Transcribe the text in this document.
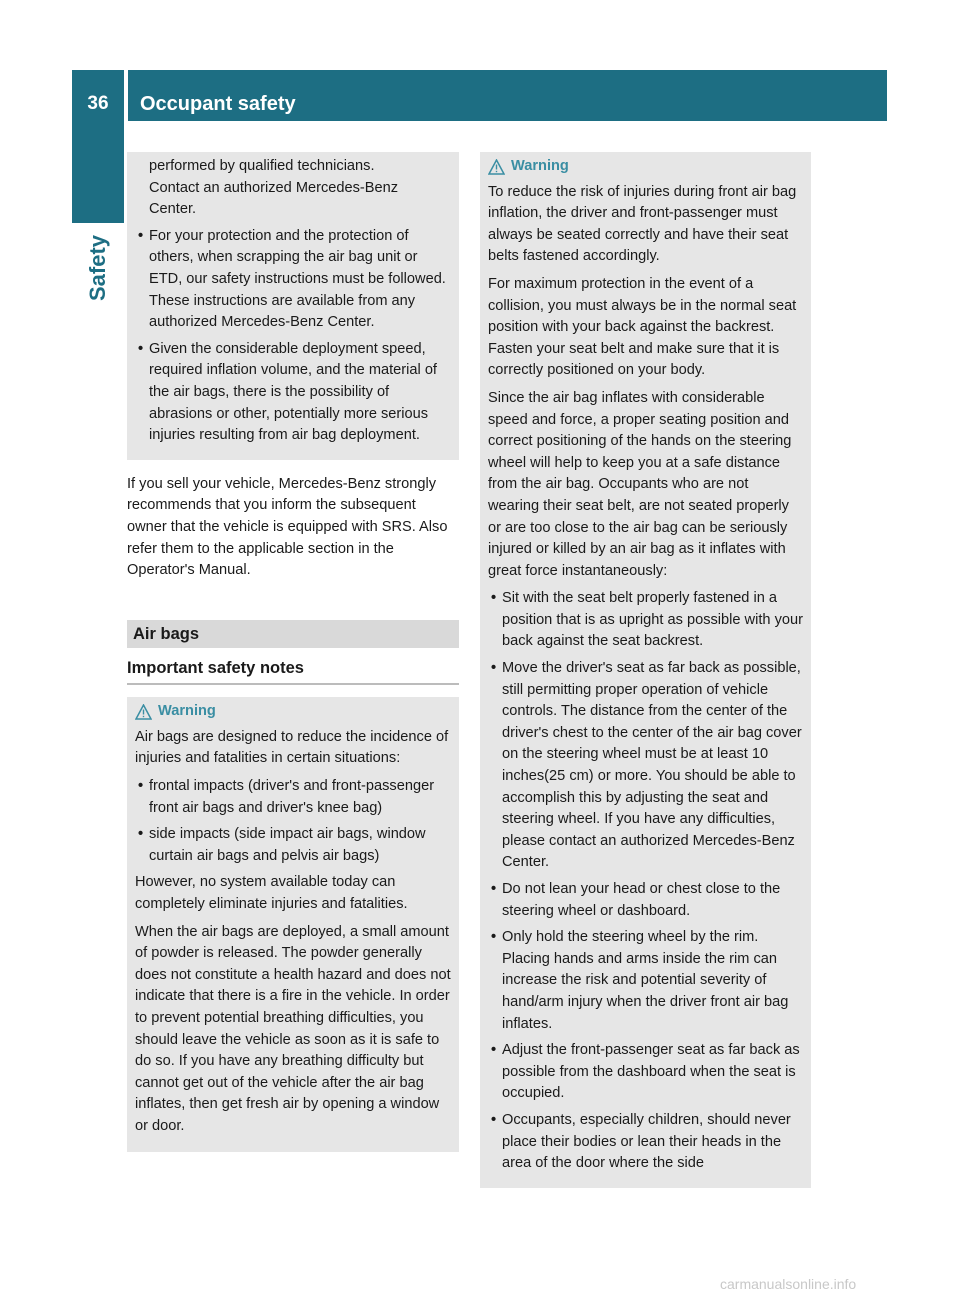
36	Occupant safety
Safety
performed by qualified technicians.
Contact an authorized Mercedes-Benz
Center.
• For your protection and the protection of others, when scrapping the air bag unit or ETD, our safety instructions must be followed. These instructions are available from any authorized Mercedes-Benz Center.
• Given the considerable deployment speed, required inflation volume, and the material of the air bags, there is the possibility of abrasions or other, potentially more serious injuries resulting from air bag deployment.

If you sell your vehicle, Mercedes-Benz strongly recommends that you inform the subsequent owner that the vehicle is equipped with SRS. Also refer them to the applicable section in the Operator's Manual.

Air bags
Important safety notes
Warning

Air bags are designed to reduce the incidence of injuries and fatalities in certain situations:

• frontal impacts (driver's and front-passenger front air bags and driver's knee bag)
• side impacts (side impact air bags, window curtain air bags and pelvis air bags)

However, no system available today can completely eliminate injuries and fatalities.

When the air bags are deployed, a small amount of powder is released. The powder generally does not constitute a health hazard and does not indicate that there is a fire in the vehicle. In order to prevent potential breathing difficulties, you should leave the vehicle as soon as it is safe to do so. If you have any breathing difficulty but cannot get out of the vehicle after the air bag inflates, then get fresh air by opening a window or door.

Warning

To reduce the risk of injuries during front air bag inflation, the driver and front-passenger must always be seated correctly and have their seat belts fastened accordingly.

For maximum protection in the event of a collision, you must always be in the normal seat position with your back against the backrest. Fasten your seat belt and make sure that it is correctly positioned on your body.

Since the air bag inflates with considerable speed and force, a proper seating position and correct positioning of the hands on the steering wheel will help to keep you at a safe distance from the air bag. Occupants who are not wearing their seat belt, are not seated properly or are too close to the air bag can be seriously injured or killed by an air bag as it inflates with great force instantaneously:

• Sit with the seat belt properly fastened in a position that is as upright as possible with your back against the seat backrest.
• Move the driver's seat as far back as possible, still permitting proper operation of vehicle controls. The distance from the center of the driver's chest to the center of the air bag cover on the steering wheel must be at least 10 inches(25 cm) or more. You should be able to accomplish this by adjusting the seat and steering wheel. If you have any difficulties, please contact an authorized Mercedes-Benz Center.
• Do not lean your head or chest close to the steering wheel or dashboard.
• Only hold the steering wheel by the rim. Placing hands and arms inside the rim can increase the risk and potential severity of hand/arm injury when the driver front air bag inflates.
• Adjust the front-passenger seat as far back as possible from the dashboard when the seat is occupied.
• Occupants, especially children, should never place their bodies or lean their heads in the area of the door where the side
carmanualsonline.info
